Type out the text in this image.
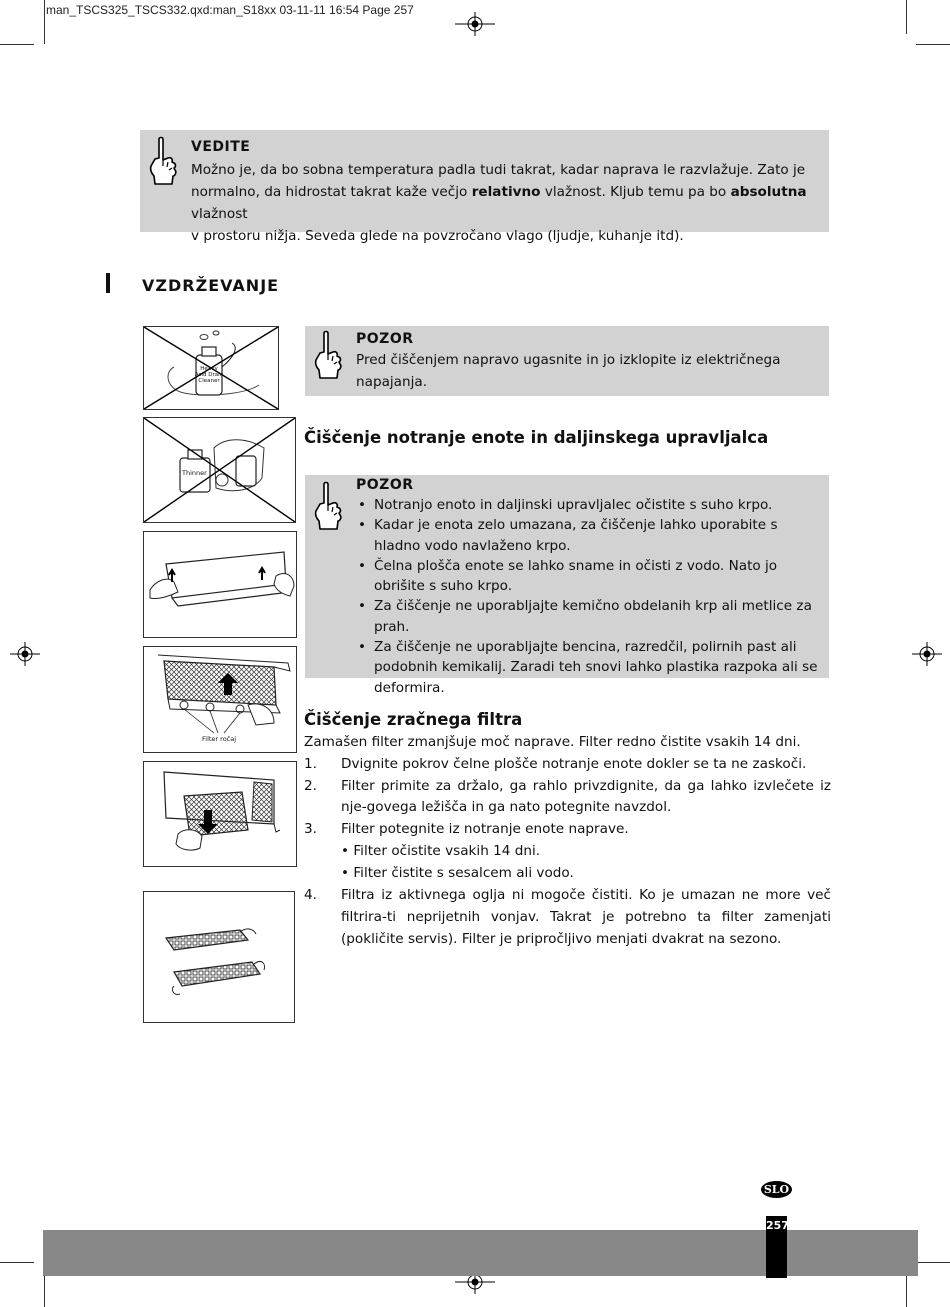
man_TSCS325_TSCS332.qxd:man_S18xx 03-11-11 16:54 Page 257
VEDITE
Možno je, da bo sobna temperatura padla tudi takrat, kadar naprava le razvlažuje. Zato je
normalno, da hidrostat takrat kaže večjo relativno vlažnost. Kljub temu pa bo absolutna vlažnost
v prostoru nižja. Seveda glede na povzročano vlago (ljudje, kuhanje itd).
VZDRŽEVANJE
POZOR
Pred čiščenjem napravo ugasnite in jo izklopite iz električnega napajanja.
Čiščenje notranje enote in daljinskega upravljalca
POZOR
• Notranjo enoto in daljinski upravljalec očistite s suho krpo.
• Kadar je enota zelo umazana, za čiščenje lahko uporabite s hladno vodo navlaženo krpo.
• Čelna plošča enote se lahko sname in očisti z vodo. Nato jo obrišite s suho krpo.
• Za čiščenje ne uporabljajte kemično obdelanih krp ali metlice za prah.
• Za čiščenje ne uporabljajte bencina, razredčil, polirnih past ali podobnih kemikalij. Zaradi teh snovi lahko plastika razpoka ali se deformira.
Čiščenje zračnega filtra
Zamašen filter zmanjšuje moč naprave. Filter redno čistite vsakih 14 dni.
1. Dvignite pokrov čelne plošče notranje enote dokler se ta ne zaskoči.
2. Filter primite za držalo, ga rahlo privzdignite, da ga lahko izvlečete iz nje-govega ležišča in ga nato potegnite navzdol.
3. Filter potegnite iz notranje enote naprave.
• Filter očistite vsakih 14 dni.
• Filter čistite s sesalcem ali vodo.
4. Filtra iz aktivnega oglja ni mogoče čistiti. Ko je umazan ne more več filtrira-ti neprijetnih vonjav. Takrat je potrebno ta filter zamenjati (pokličite servis). Filter je pripročljivo menjati dvakrat na sezono.
Heavy Acid Drain Cleaner
Thinner
Filter ročaj
SLO
257
